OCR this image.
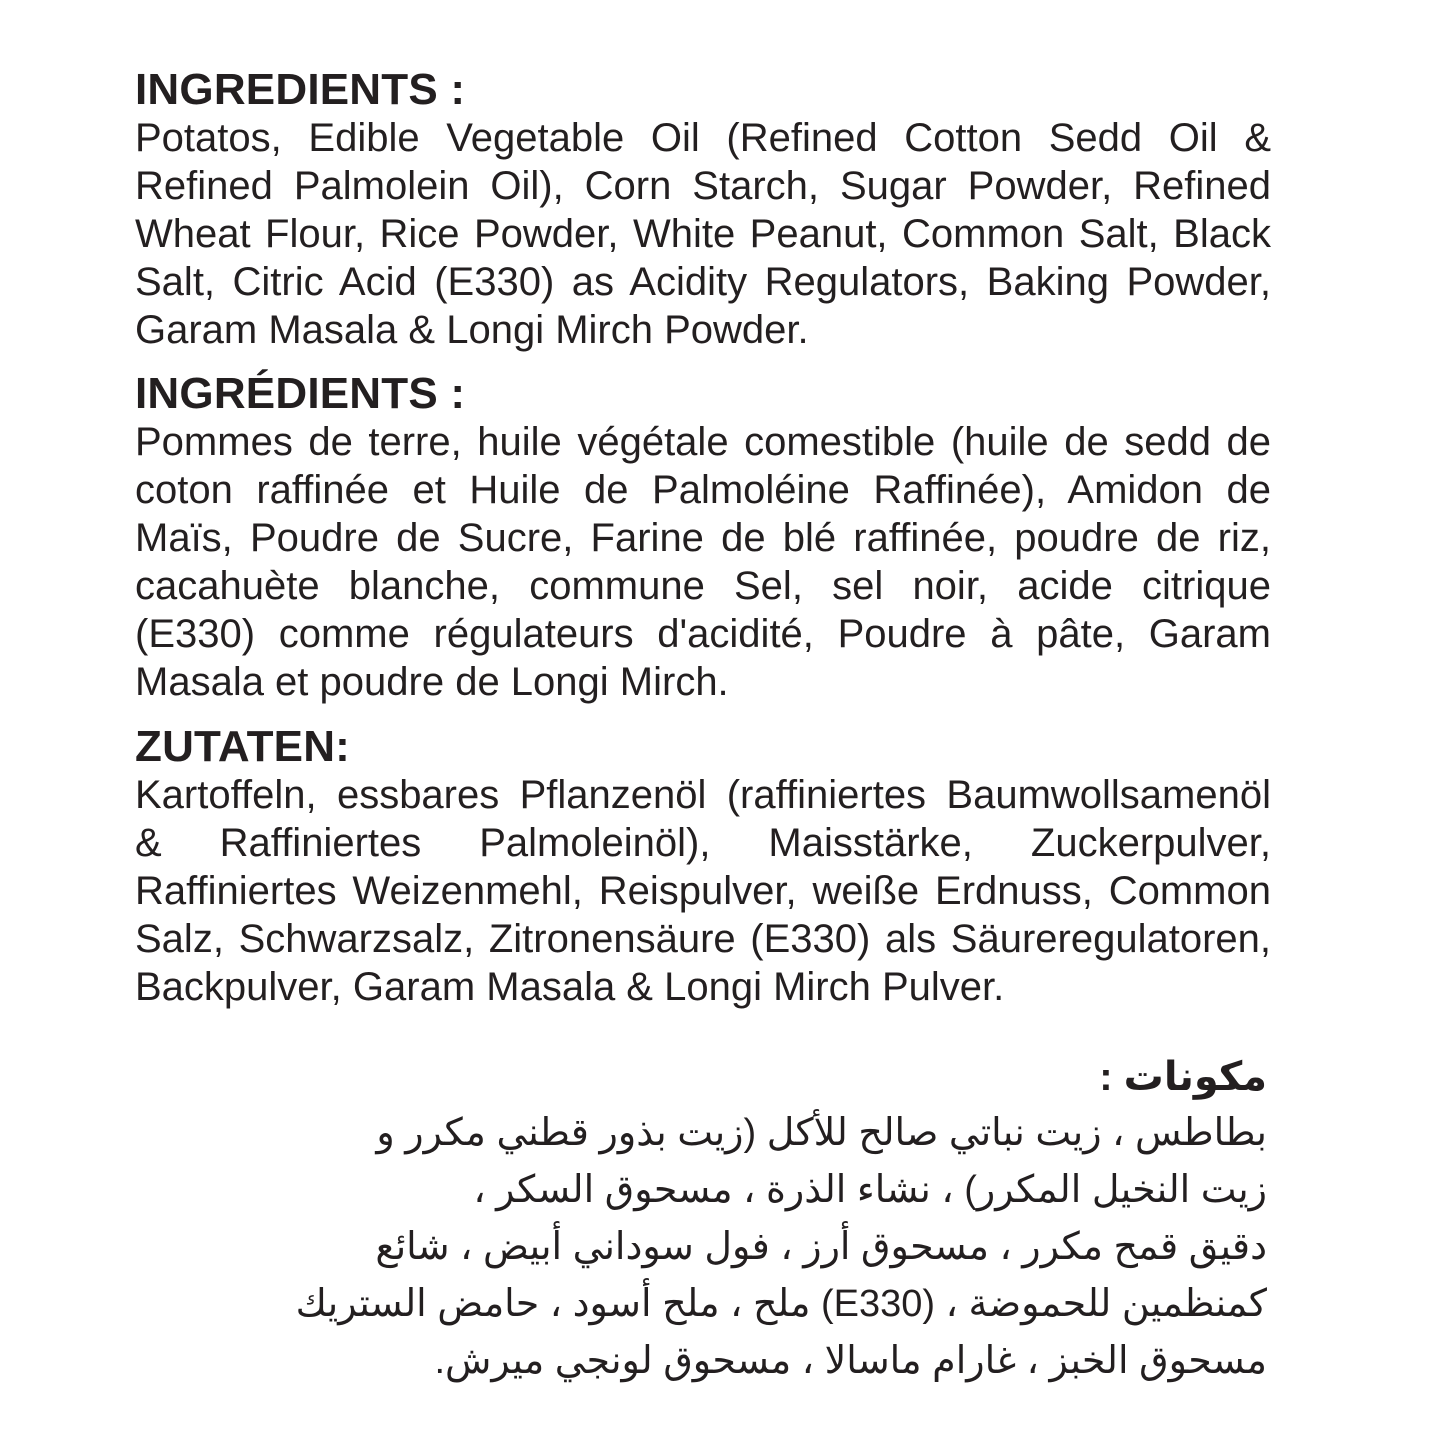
INGREDIENTS :

Potatos, Edible Vegetable Oil (Refined Cotton Sedd Oil & Refined Palmolein Oil), Corn Starch, Sugar Powder, Refined Wheat Flour, Rice Powder, White Peanut, Common Salt, Black Salt, Citric Acid (E330) as Acidity Regulators, Baking Powder, Garam Masala & Longi Mirch Powder.

INGRÉDIENTS :

Pommes de terre, huile végétale comestible (huile de sedd de coton raffinée et Huile de Palmoléine Raffinée), Amidon de Maïs, Poudre de Sucre, Farine de blé raffinée, poudre de riz, cacahuète blanche, commune Sel, sel noir, acide citrique (E330) comme régulateurs d'acidité, Poudre à pâte, Garam Masala et poudre de Longi Mirch.

ZUTATEN:

Kartoffeln, essbares Pflanzenöl (raffiniertes Baumwollsamenöl & Raffiniertes Palmoleinöl), Maisstärke, Zuckerpulver, Raffiniertes Weizenmehl, Reispulver, weiße Erdnuss, Common Salz, Schwarzsalz, Zitronensäure (E330) als Säureregulatoren, Backpulver, Garam Masala & Longi Mirch Pulver.

مكونات :

بطاطس ، زيت نباتي صالح للأكل (زيت بذور قطني مكرر و

زيت النخيل المكرر) ، نشاء الذرة ، مسحوق السكر ،

دقيق قمح مكرر ، مسحوق أرز ، فول سوداني أبيض ، شائع

كمنظمين للحموضة ، (E330) ملح ، ملح أسود ، حامض الستريك

مسحوق الخبز ، غارام ماسالا ، مسحوق لونجي ميرش.
